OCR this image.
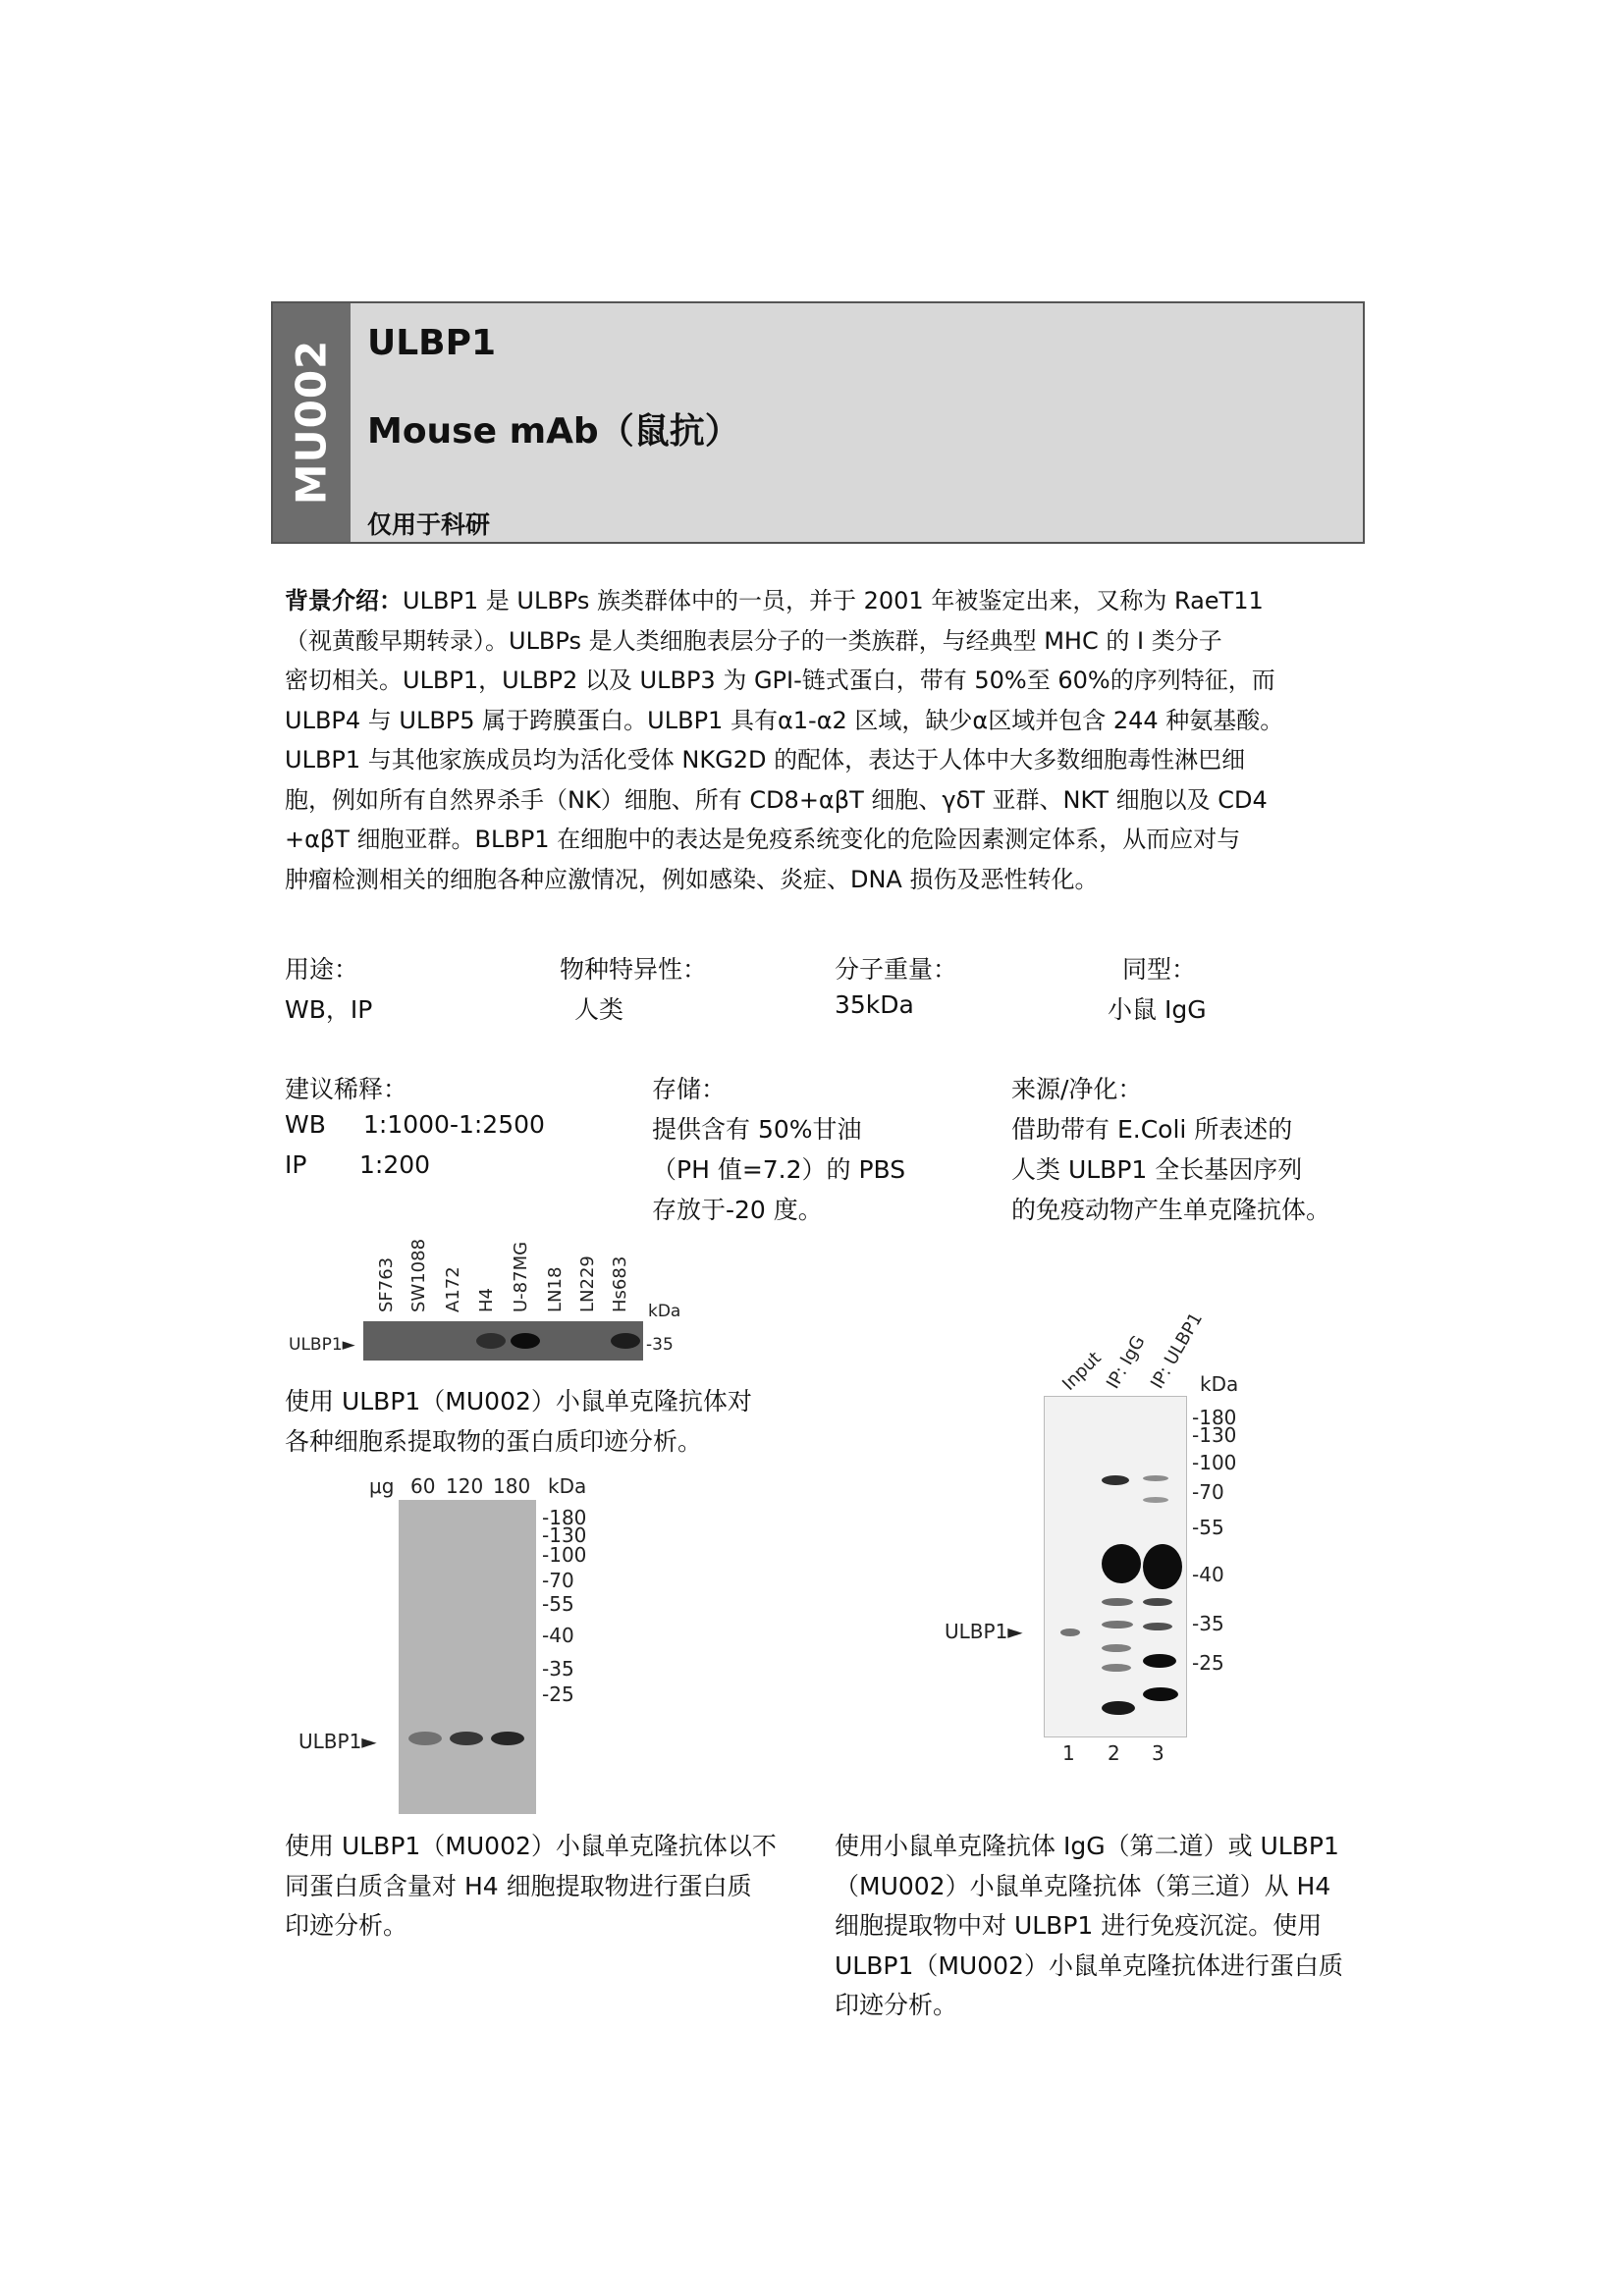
MU002 ULBP1
Mouse mAb（鼠抗）
仅用于科研
背景介绍：ULBP1 是 ULBPs 族类群体中的一员，并于 2001 年被鉴定出来，又称为 RaeT11
（视黄酸早期转录）。ULBPs 是人类细胞表层分子的一类族群，与经典型 MHC 的 I 类分子
密切相关。ULBP1，ULBP2 以及 ULBP3 为 GPI-链式蛋白，带有 50%至 60%的序列特征，而
ULBP4 与 ULBP5 属于跨膜蛋白。ULBP1 具有α1-α2 区域，缺少α区域并包含 244 种氨基酸。
ULBP1 与其他家族成员均为活化受体 NKG2D 的配体，表达于人体中大多数细胞毒性淋巴细
胞，例如所有自然界杀手（NK）细胞、所有 CD8+αβT 细胞、γδT 亚群、NKT 细胞以及 CD4
+αβT 细胞亚群。BLBP1 在细胞中的表达是免疫系统变化的危险因素测定体系，从而应对与
肿瘤检测相关的细胞各种应激情况，例如感染、炎症、DNA 损伤及恶性转化。
用途：
WB，IP
物种特异性：
人类
分子重量：
35kDa
同型：
小鼠 IgG
建议稀释：
WB 1:1000-1:2500
IP 1:200
存储：
提供含有 50%甘油
（PH 值=7.2）的 PBS
存放于-20 度。
来源/净化：
借助带有 E.Coli 所表述的
人类 ULBP1 全长基因序列
的免疫动物产生单克隆抗体。
SF763 SW1088 A172 H4 U-87MG LN18 LN229 Hs683 kDa
ULBP1►	-35
使用 ULBP1（MU002）小鼠单克隆抗体对
各种细胞系提取物的蛋白质印迹分析。
μg 60 120 180 kDa
-180
-130
-100
-70
-55
-40
-35
-25
ULBP1►
使用 ULBP1（MU002）小鼠单克隆抗体以不
同蛋白质含量对 H4 细胞提取物进行蛋白质
印迹分析。
Input
IP: IgG
IP: ULBP1
kDa
-180
-130
-100
-70
-55
-40
-35
-25
ULBP1►
1 2 3
使用小鼠单克隆抗体 IgG（第二道）或 ULBP1
（MU002）小鼠单克隆抗体（第三道）从 H4
细胞提取物中对 ULBP1 进行免疫沉淀。使用
ULBP1（MU002）小鼠单克隆抗体进行蛋白质
印迹分析。
